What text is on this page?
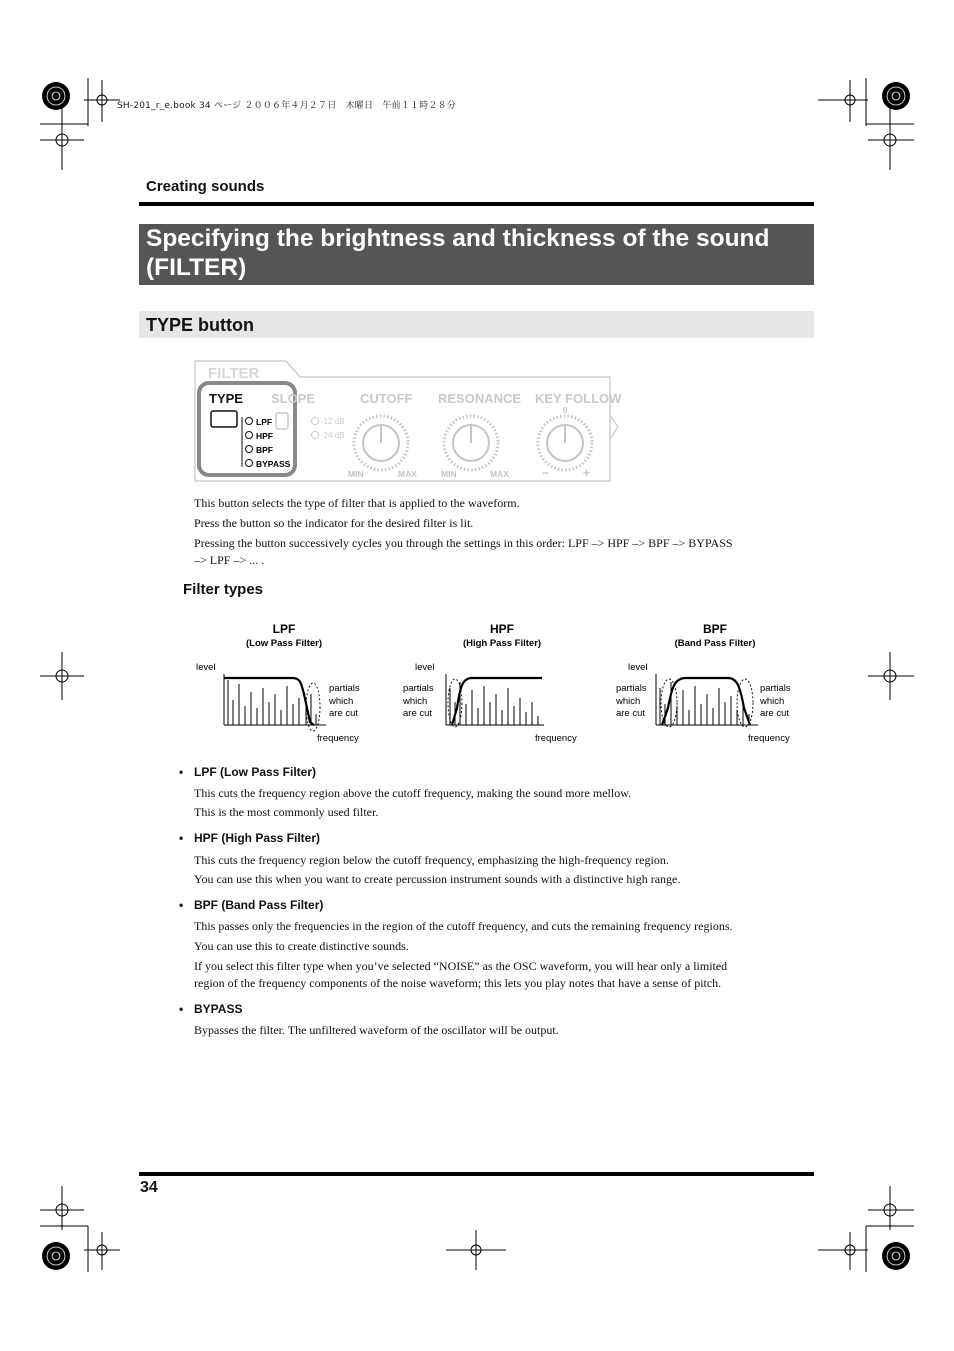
SH-201_r_e.book 34 ページ ２００６年４月２７日　木曜日　午前１１時２８分
Creating sounds
Specifying the brightness and thickness of the sound (FILTER)
TYPE button
FILTER
TYPE
LPF
HPF
BPF
BYPASS
SLOPE
-12 dB
-24 dB
CUTOFF RESONANCE KEY FOLLOW
MIN	MAX	MIN	MAX
0
−	+

This button selects the type of filter that is applied to the waveform.

Press the button so the indicator for the desired filter is lit.

Pressing the button successively cycles you through the settings in this order: LPF –> HPF –> BPF –> BYPASS

–> LPF –> ... .

Filter types
LPF
(Low Pass Filter)
level
frequency
partials
which
are cut
HPF
(High Pass Filter)
level
frequency
partials
which
are cut
BPF
(Band Pass Filter)
level
frequency
partials
which
are cut
partials
which
are cut
• LPF (Low Pass Filter)

This cuts the frequency region above the cutoff frequency, making the sound more mellow.

This is the most commonly used filter.

• HPF (High Pass Filter)

This cuts the frequency region below the cutoff frequency, emphasizing the high-frequency region.

You can use this when you want to create percussion instrument sounds with a distinctive high range.

• BPF (Band Pass Filter)

This passes only the frequencies in the region of the cutoff frequency, and cuts the remaining frequency regions.

You can use this to create distinctive sounds.

If you select this filter type when you’ve selected “NOISE” as the OSC waveform, you will hear only a limited

region of the frequency components of the noise waveform; this lets you play notes that have a sense of pitch.

• BYPASS

Bypasses the filter. The unfiltered waveform of the oscillator will be output.

34
